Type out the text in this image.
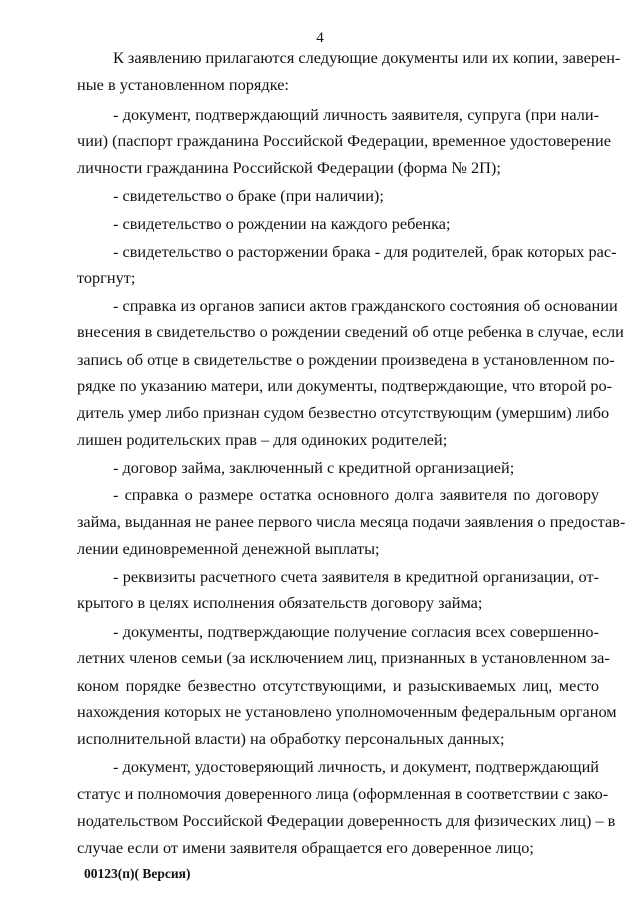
4
К заявлению прилагаются следующие документы или их копии, заверен-
ные в установленном порядке:
- документ, подтверждающий личность заявителя, супруга (при нали-
чии) (паспорт гражданина Российской Федерации, временное удостоверение
личности гражданина Российской Федерации (форма № 2П);
- свидетельство о браке (при наличии);
- свидетельство о рождении на каждого ребенка;
- свидетельство о расторжении брака - для родителей, брак которых рас-
торгнут;
- справка из органов записи актов гражданского состояния об основании
внесения в свидетельство о рождении сведений об отце ребенка в случае, если
запись об отце в свидетельстве о рождении произведена в установленном по-
рядке по указанию матери, или документы, подтверждающие, что второй ро-
дитель умер либо признан судом безвестно отсутствующим (умершим) либо
лишен родительских прав – для одиноких родителей;
- договор займа, заключенный с кредитной организацией;
- справка о размере остатка основного долга заявителя по договору
займа, выданная не ранее первого числа месяца подачи заявления о предостав-
лении единовременной денежной выплаты;
- реквизиты расчетного счета заявителя в кредитной организации, от-
крытого в целях исполнения обязательств договору займа;
- документы, подтверждающие получение согласия всех совершенно-
летних членов семьи (за исключением лиц, признанных в установленном за-
коном порядке безвестно отсутствующими, и разыскиваемых лиц, место
нахождения которых не установлено уполномоченным федеральным органом
исполнительной власти) на обработку персональных данных;
- документ, удостоверяющий личность, и документ, подтверждающий
статус и полномочия доверенного лица (оформленная в соответствии с зако-
нодательством Российской Федерации доверенность для физических лиц) – в
случае если от имени заявителя обращается его доверенное лицо;
00123(п)( Версия)
